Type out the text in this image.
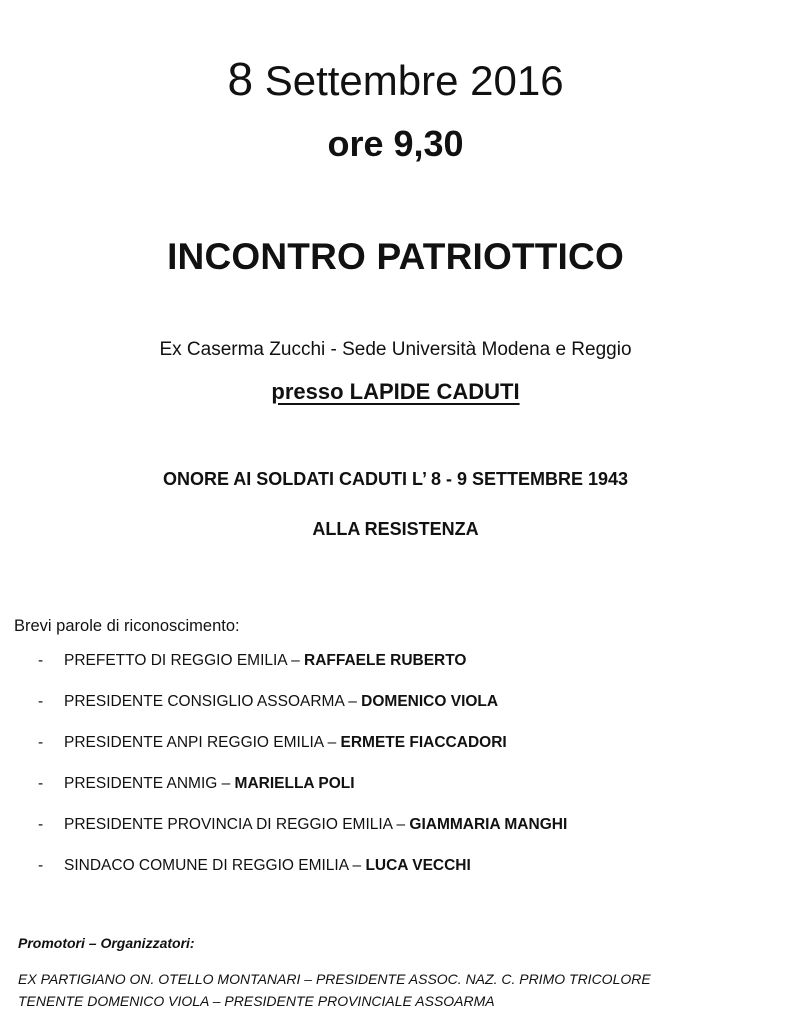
8 Settembre 2016
ore 9,30
INCONTRO PATRIOTTICO
Ex Caserma Zucchi - Sede Università Modena e Reggio
presso LAPIDE CADUTI
ONORE AI SOLDATI CADUTI L’ 8 - 9 SETTEMBRE 1943
ALLA RESISTENZA
Brevi parole di riconoscimento:
- PREFETTO DI REGGIO EMILIA – RAFFAELE RUBERTO
- PRESIDENTE CONSIGLIO ASSOARMA – DOMENICO VIOLA
- PRESIDENTE ANPI REGGIO EMILIA – ERMETE FIACCADORI
- PRESIDENTE ANMIG – MARIELLA POLI
- PRESIDENTE PROVINCIA DI REGGIO EMILIA – GIAMMARIA MANGHI
- SINDACO COMUNE DI REGGIO EMILIA – LUCA VECCHI
Promotori – Organizzatori:
EX PARTIGIANO ON. OTELLO MONTANARI – PRESIDENTE ASSOC. NAZ. C. PRIMO TRICOLORE
TENENTE DOMENICO VIOLA – PRESIDENTE PROVINCIALE ASSOARMA
